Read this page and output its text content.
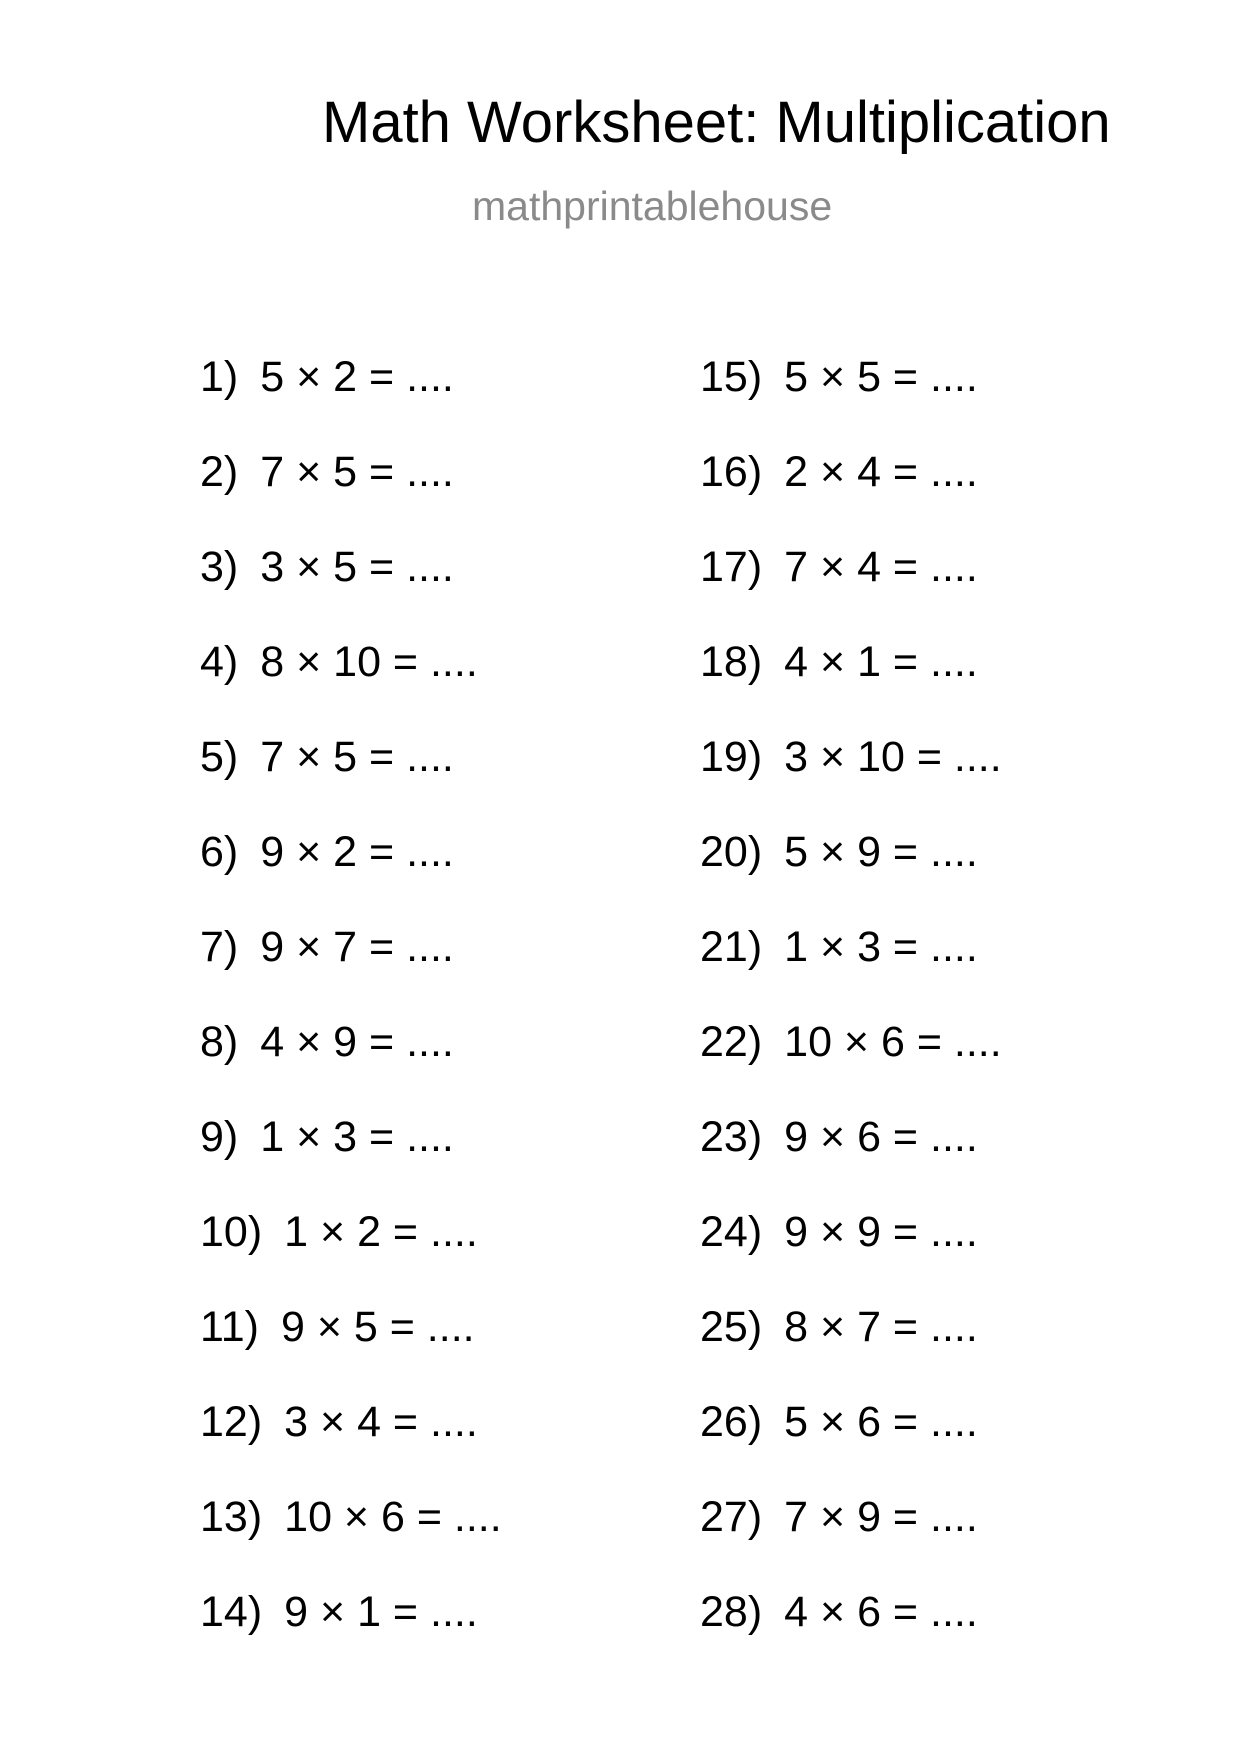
Math Worksheet: Multiplication
mathprintablehouse
1) 5 × 2 = ....
2) 7 × 5 = ....
3) 3 × 5 = ....
4) 8 × 10 = ....
5) 7 × 5 = ....
6) 9 × 2 = ....
7) 9 × 7 = ....
8) 4 × 9 = ....
9) 1 × 3 = ....
10) 1 × 2 = ....
11) 9 × 5 = ....
12) 3 × 4 = ....
13) 10 × 6 = ....
14) 9 × 1 = ....
15) 5 × 5 = ....
16) 2 × 4 = ....
17) 7 × 4 = ....
18) 4 × 1 = ....
19) 3 × 10 = ....
20) 5 × 9 = ....
21) 1 × 3 = ....
22) 10 × 6 = ....
23) 9 × 6 = ....
24) 9 × 9 = ....
25) 8 × 7 = ....
26) 5 × 6 = ....
27) 7 × 9 = ....
28) 4 × 6 = ....
